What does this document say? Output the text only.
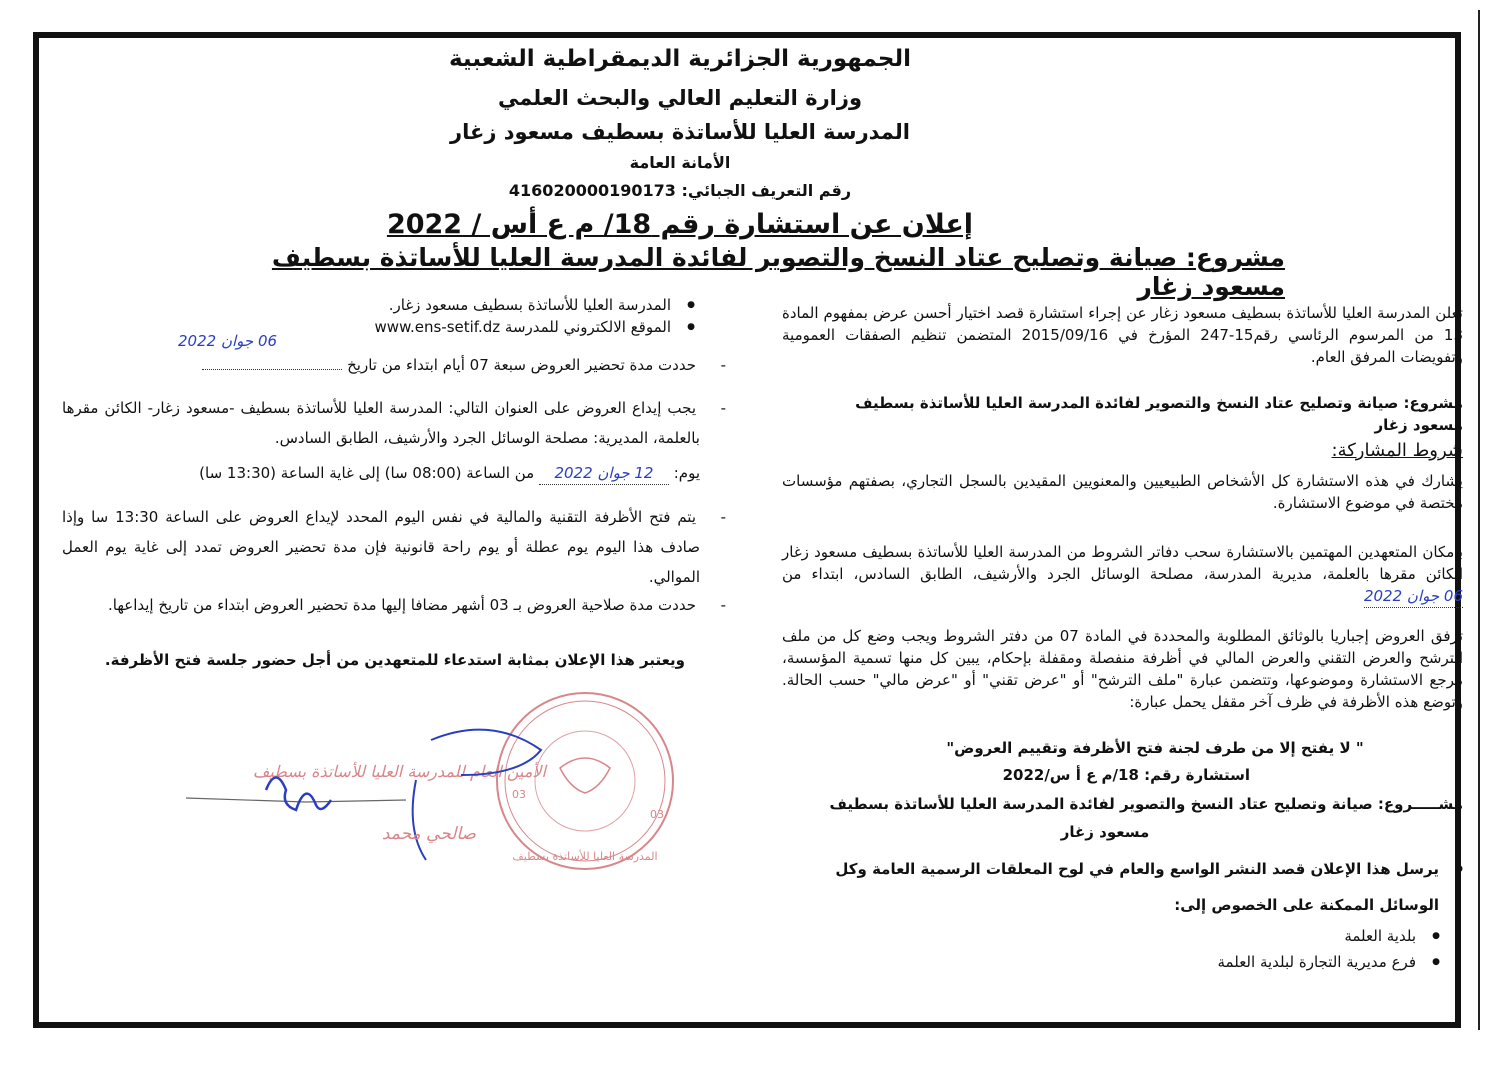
الجمهورية الجزائرية الديمقراطية الشعبية
وزارة التعليم العالي والبحث العلمي
المدرسة العليا للأساتذة بسطيف مسعود زغار
الأمانة العامة
رقم التعريف الجبائي: 416020000190173
إعلان عن استشارة رقم 18/ م ع أس / 2022
مشروع: صيانة وتصليح عتاد النسخ والتصوير لفائدة المدرسة العليا للأساتذة بسطيف مسعود زغار
تعلن المدرسة العليا للأساتذة بسطيف مسعود زغار عن إجراء استشارة قصد اختيار أحسن عرض بمفهوم المادة 13 من المرسوم الرئاسي رقم15-247 المؤرخ في 2015/09/16 المتضمن تنظيم الصفقات العمومية وتفويضات المرفق العام.
مشروع: صيانة وتصليح عتاد النسخ والتصوير لفائدة المدرسة العليا للأساتذة بسطيف مسعود زغار
شروط المشاركة:
يشارك في هذه الاستشارة كل الأشخاص الطبيعيين والمعنويين المقيدين بالسجل التجاري، بصفتهم مؤسسات مختصة في موضوع الاستشارة.
بإمكان المتعهدين المهتمين بالاستشارة سحب دفاتر الشروط من المدرسة العليا للأساتذة بسطيف مسعود زغار الكائن مقرها بالعلمة، مديرية المدرسة، مصلحة الوسائل الجرد والأرشيف، الطابق السادس، ابتداء من 06 جوان 2022
ترفق العروض إجباريا بالوثائق المطلوبة والمحددة في المادة 07 من دفتر الشروط ويجب وضع كل من ملف الترشح والعرض التقني والعرض المالي في أظرفة منفصلة ومقفلة بإحكام، يبين كل منها تسمية المؤسسة، مرجع الاستشارة وموضوعها، وتتضمن عبارة "ملف الترشح" أو "عرض تقني" أو "عرض مالي" حسب الحالة. وتوضع هذه الأظرفة في ظرف آخر مقفل يحمل عبارة:
" لا يفتح إلا من طرف لجنة فتح الأظرفة وتقييم العروض"
استشارة رقم: 18/م ع أ س/2022
مشـــــروع: صيانة وتصليح عتاد النسخ والتصوير لفائدة المدرسة العليا للأساتذة بسطيف
مسعود زغار
● يرسل هذا الإعلان قصد النشر الواسع والعام في لوح المعلقات الرسمية العامة وكل الوسائل الممكنة على الخصوص إلى:
● بلدية العلمة
● فرع مديرية التجارة لبلدية العلمة
● المدرسة العليا للأساتذة بسطيف مسعود زغار.
● الموقع الالكتروني للمدرسة www.ens-setif.dz
06 جوان 2022
- حددت مدة تحضير العروض سبعة 07 أيام ابتداء من تاريخ
- يجب إيداع العروض على العنوان التالي: المدرسة العليا للأساتذة بسطيف -مسعود زغار- الكائن مقرها بالعلمة، المديرية: مصلحة الوسائل الجرد والأرشيف، الطابق السادس.
يوم: 12 جوان 2022 من الساعة (08:00 سا) إلى غاية الساعة (13:30 سا)
- يتم فتح الأظرفة التقنية والمالية في نفس اليوم المحدد لإيداع العروض على الساعة 13:30 سا وإذا صادف هذا اليوم يوم عطلة أو يوم راحة قانونية فإن مدة تحضير العروض تمدد إلى غاية يوم العمل الموالي.
- حددت مدة صلاحية العروض بـ 03 أشهر مضافا إليها مدة تحضير العروض ابتداء من تاريخ إيداعها.
ويعتبر هذا الإعلان بمثابة استدعاء للمتعهدين من أجل حضور جلسة فتح الأظرفة.
المدرسة العليا للأساتذة بسطيف
03
03
الأمين العام للمدرسة العليا للأساتذة بسطيف
صالحي محمد
